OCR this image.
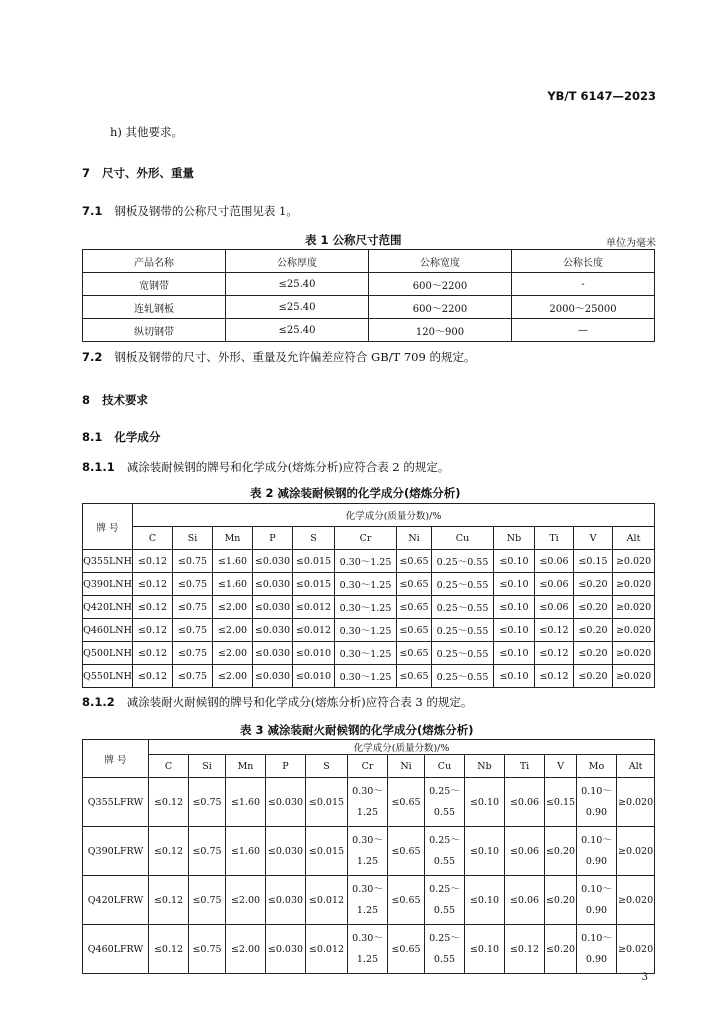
YB/T 6147—2023
h) 其他要求。
7 尺寸、外形、重量
7.1 钢板及钢带的公称尺寸范围见表 1。
表 1 公称尺寸范围	单位为毫米
产品名称	公称厚度	公称宽度	公称长度
宽钢带	≤25.40	600～2200	-
连轧钢板	≤25.40	600～2200	2000～25000
纵切钢带	≤25.40	120～900	—
7.2 钢板及钢带的尺寸、外形、重量及允许偏差应符合 GB/T 709 的规定。
8 技术要求
8.1 化学成分
8.1.1 减涂装耐候钢的牌号和化学成分(熔炼分析)应符合表 2 的规定。
表 2 减涂装耐候钢的化学成分(熔炼分析)
牌 号	化学成分(质量分数)/%											
	C	Si	Mn	P	S	Cr	Ni	Cu	Nb	Ti	V	Alt
Q355LNH	≤0.12	≤0.75	≤1.60	≤0.030	≤0.015	0.30～1.25	≤0.65	0.25～0.55	≤0.10	≤0.06	≤0.15	≥0.020
Q390LNH	≤0.12	≤0.75	≤1.60	≤0.030	≤0.015	0.30～1.25	≤0.65	0.25～0.55	≤0.10	≤0.06	≤0.20	≥0.020
Q420LNH	≤0.12	≤0.75	≤2.00	≤0.030	≤0.012	0.30～1.25	≤0.65	0.25～0.55	≤0.10	≤0.06	≤0.20	≥0.020
Q460LNH	≤0.12	≤0.75	≤2.00	≤0.030	≤0.012	0.30～1.25	≤0.65	0.25～0.55	≤0.10	≤0.12	≤0.20	≥0.020
Q500LNH	≤0.12	≤0.75	≤2.00	≤0.030	≤0.010	0.30～1.25	≤0.65	0.25～0.55	≤0.10	≤0.12	≤0.20	≥0.020
Q550LNH	≤0.12	≤0.75	≤2.00	≤0.030	≤0.010	0.30～1.25	≤0.65	0.25～0.55	≤0.10	≤0.12	≤0.20	≥0.020
8.1.2 减涂装耐火耐候钢的牌号和化学成分(熔炼分析)应符合表 3 的规定。
表 3 减涂装耐火耐候钢的化学成分(熔炼分析)
牌 号	化学成分(质量分数)/%												
	C	Si	Mn	P	S	Cr	Ni	Cu	Nb	Ti	V	Mo	Alt
Q355LFRW	≤0.12	≤0.75	≤1.60	≤0.030	≤0.015	0.30～ 1.25	≤0.65	0.25～ 0.55	≤0.10	≤0.06	≤0.15	0.10～ 0.90	≥0.020
Q390LFRW	≤0.12	≤0.75	≤1.60	≤0.030	≤0.015	0.30～ 1.25	≤0.65	0.25～ 0.55	≤0.10	≤0.06	≤0.20	0.10～ 0.90	≥0.020
Q420LFRW	≤0.12	≤0.75	≤2.00	≤0.030	≤0.012	0.30～ 1.25	≤0.65	0.25～ 0.55	≤0.10	≤0.06	≤0.20	0.10～ 0.90	≥0.020
Q460LFRW	≤0.12	≤0.75	≤2.00	≤0.030	≤0.012	0.30～ 1.25	≤0.65	0.25～ 0.55	≤0.10	≤0.12	≤0.20	0.10～ 0.90	≥0.020
3
